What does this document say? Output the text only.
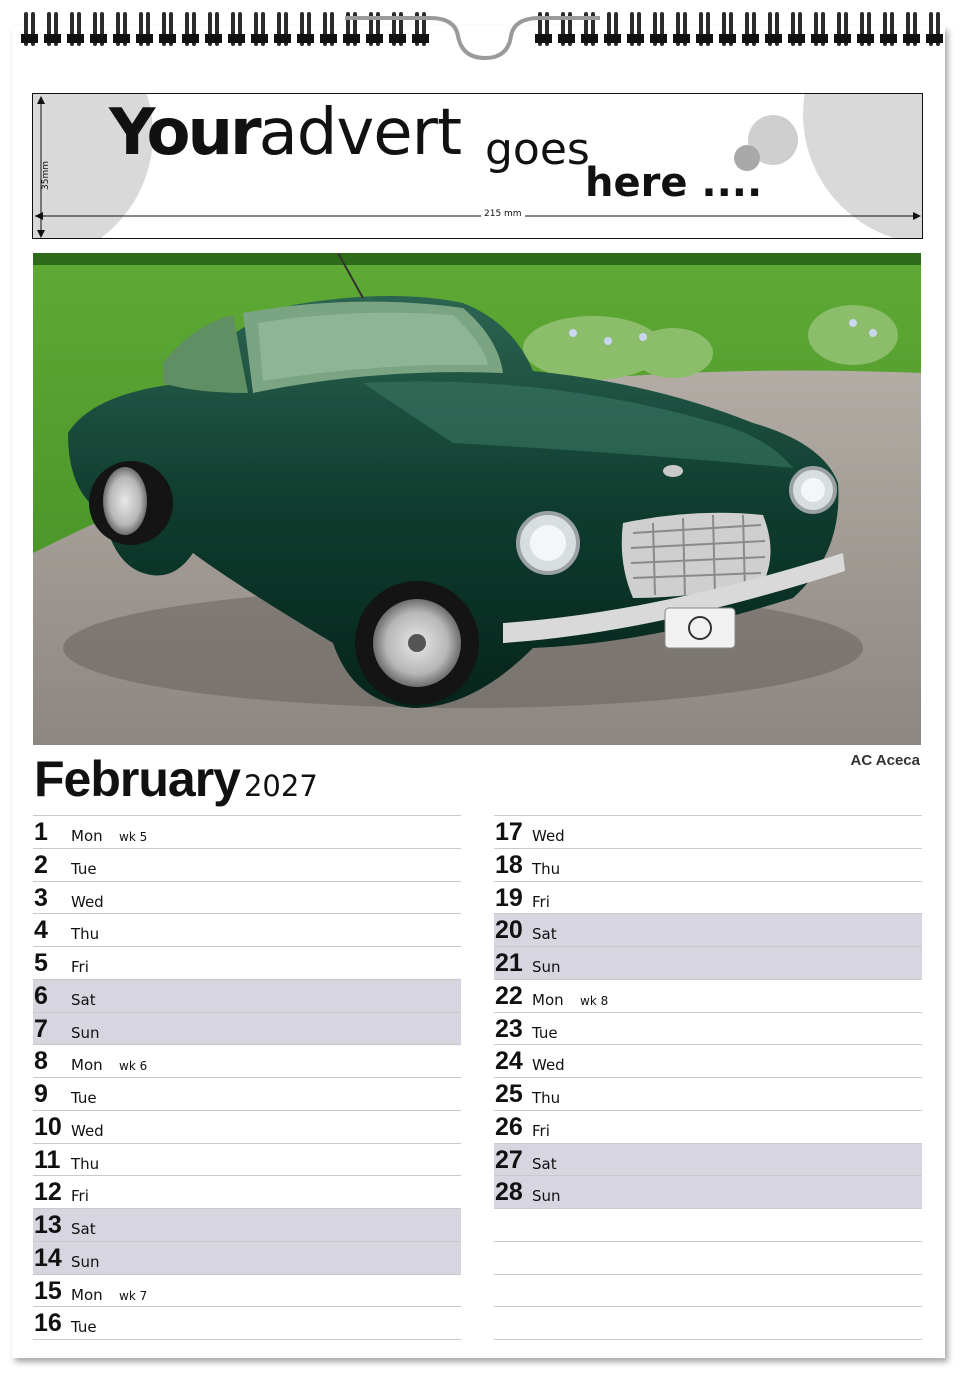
Youradvert goes
here ....
35mm
215 mm
AC Aceca
February 2027
1 Mon wk 5
2 Tue
3 Wed
4 Thu
5 Fri
6 Sat
7 Sun
8 Mon wk 6
9 Tue
10 Wed
11 Thu
12 Fri
13 Sat
14 Sun
15 Mon wk 7
16 Tue
17 Wed
18 Thu
19 Fri
20 Sat
21 Sun
22 Mon wk 8
23 Tue
24 Wed
25 Thu
26 Fri
27 Sat
28 Sun
